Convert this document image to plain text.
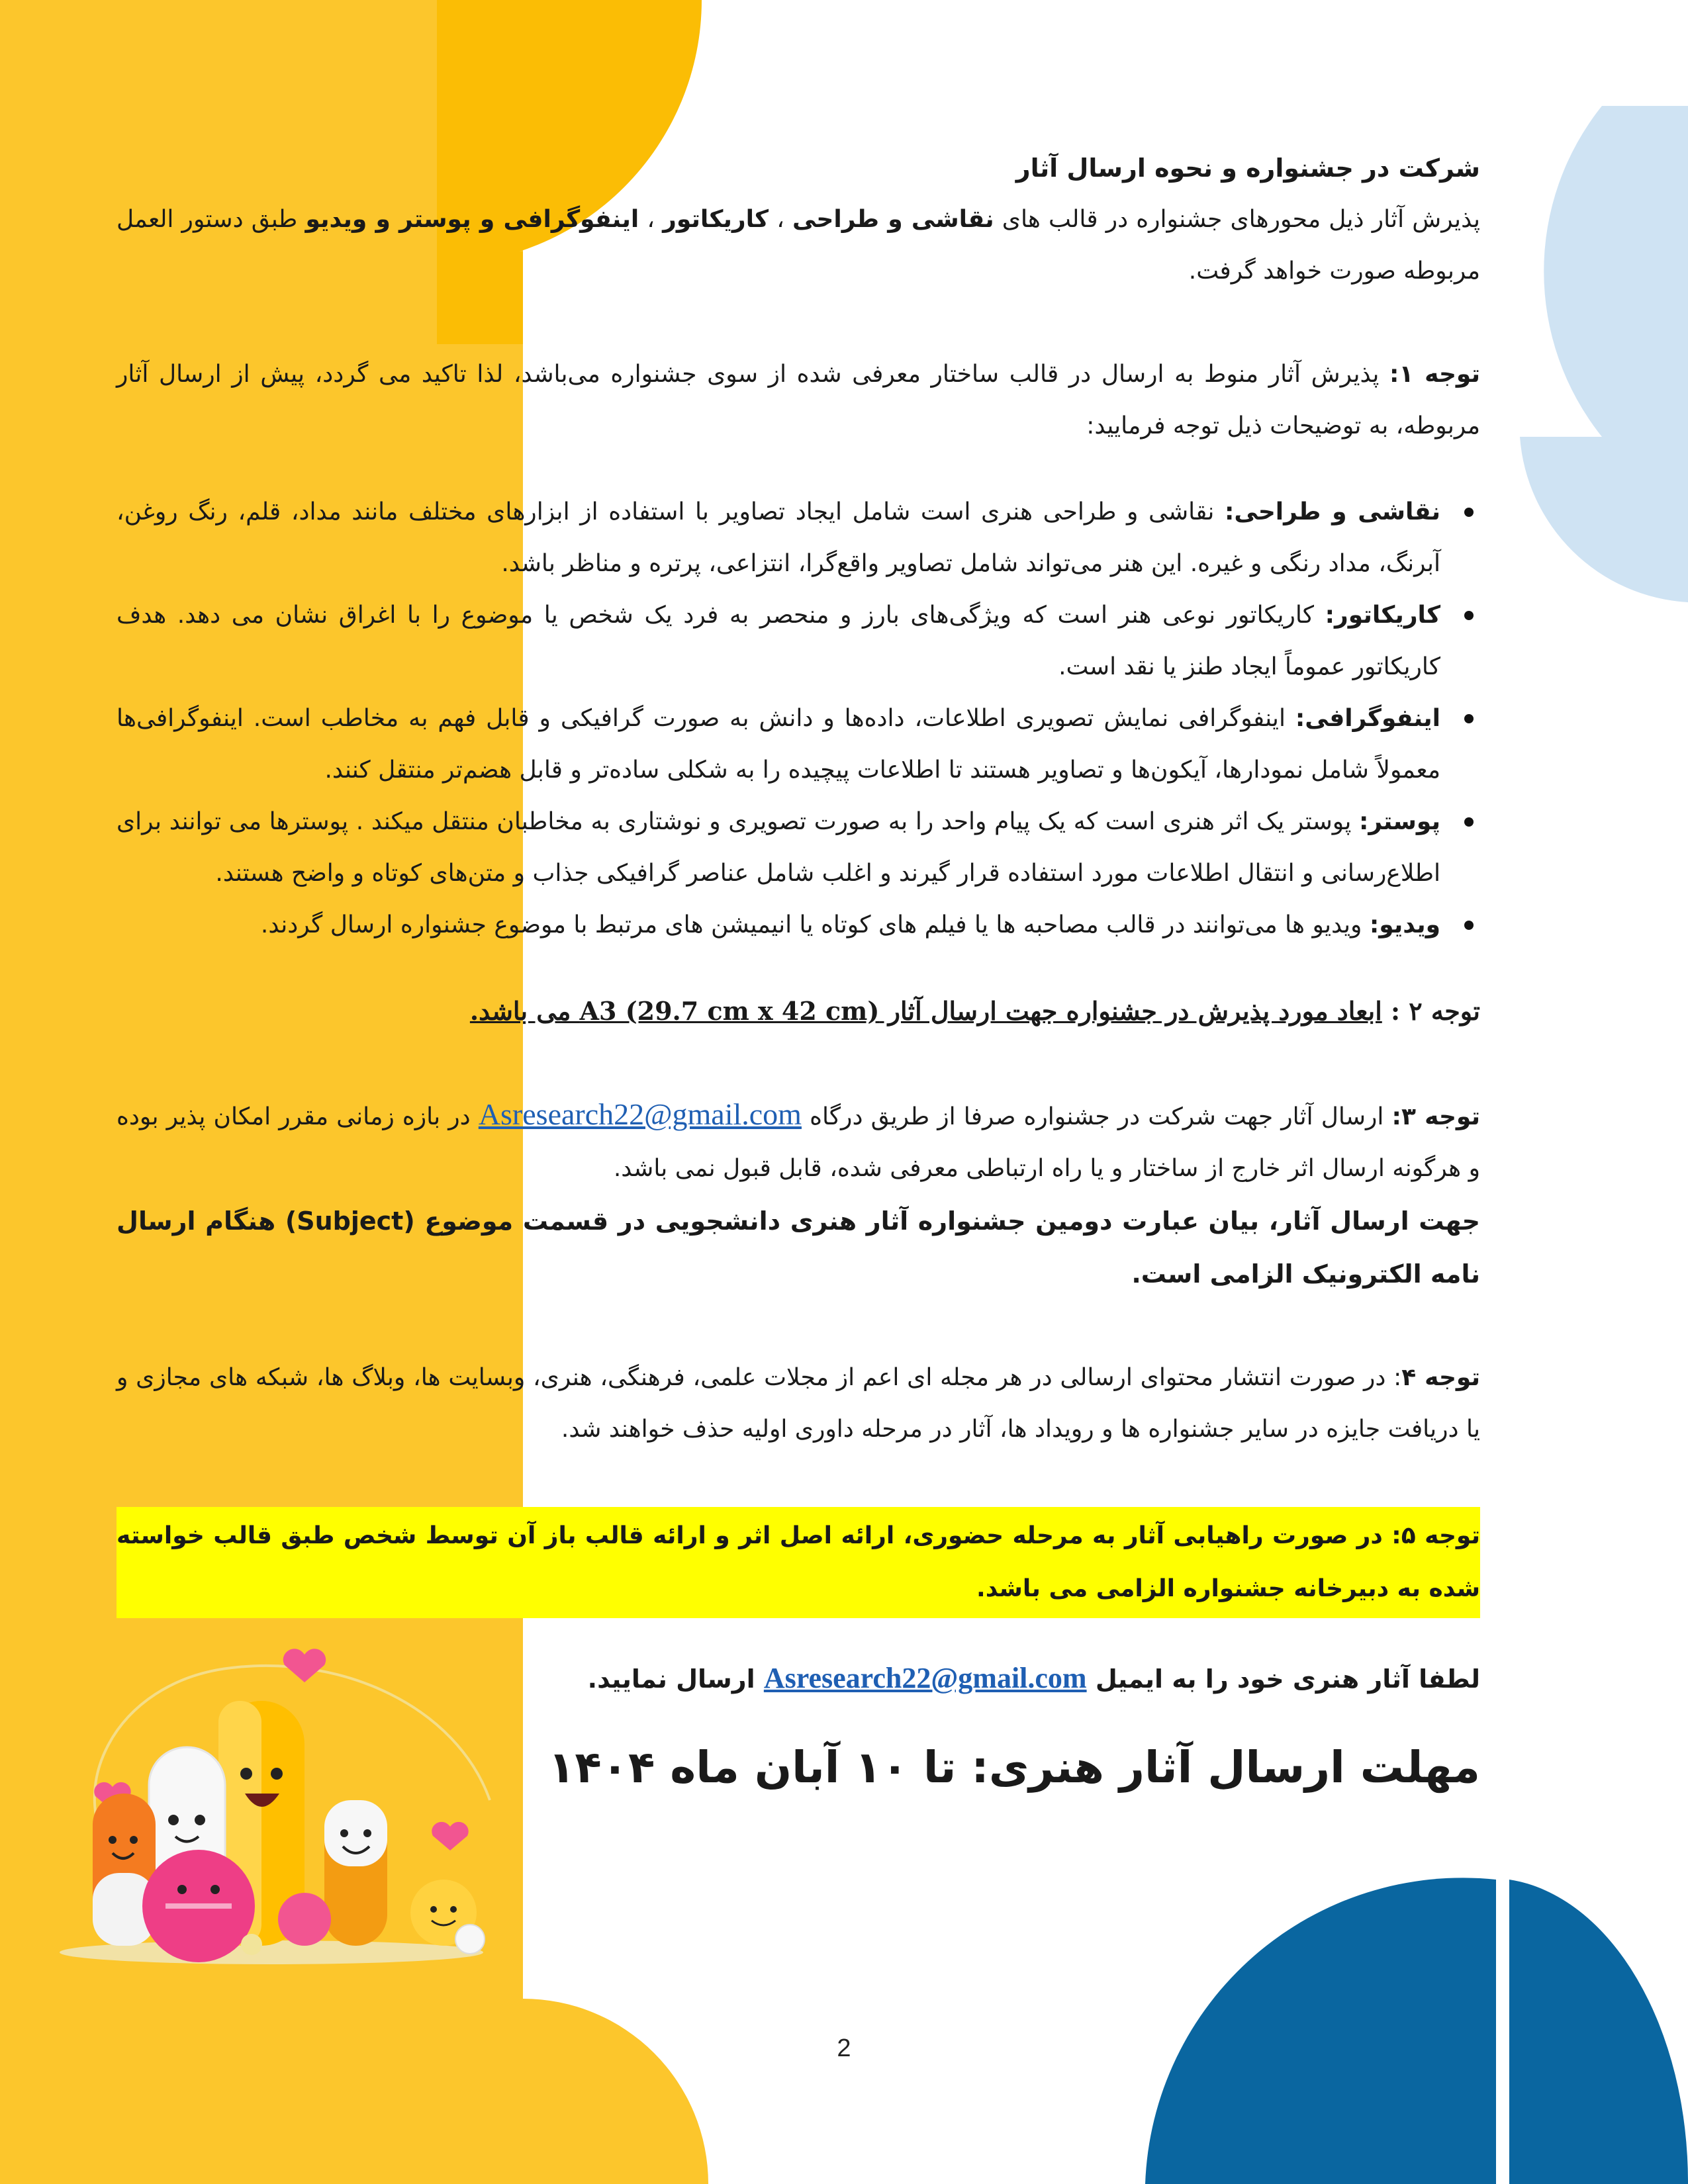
شرکت در جشنواره و نحوه ارسال آثار

پذیرش آثار ذیل محورهای جشنواره در قالب های نقاشی و طراحی ، کاریکاتور ، اینفوگرافی و پوستر و ویدیو طبق دستور العمل مربوطه صورت خواهد گرفت.

توجه ۱: پذیرش آثار منوط به ارسال در قالب ساختار معرفی شده از سوی جشنواره می‌باشد، لذا تاکید می گردد، پیش از ارسال آثار مربوطه، به توضیحات ذیل توجه فرمایید:

نقاشی و طراحی: نقاشی و طراحی هنری است شامل ایجاد تصاویر با استفاده از ابزارهای مختلف مانند مداد، قلم، رنگ روغن، آبرنگ، مداد رنگی و غیره. این هنر می‌تواند شامل تصاویر واقع‌گرا، انتزاعی، پرتره و مناظر باشد.
کاریکاتور: کاریکاتور نوعی هنر است که ویژگی‌های بارز و منحصر به فرد یک شخص یا موضوع را با اغراق نشان می دهد. هدف کاریکاتور عموماً ایجاد طنز یا نقد است.
اینفوگرافی: اینفوگرافی نمایش تصویری اطلاعات، داده‌ها و دانش به صورت گرافیکی و قابل فهم به مخاطب است. اینفوگرافی‌ها معمولاً شامل نمودارها، آیکون‌ها و تصاویر هستند تا اطلاعات پیچیده را به شکلی ساده‌تر و قابل هضم‌تر منتقل کنند.
پوستر: پوستر یک اثر هنری است که یک پیام واحد را به صورت تصویری و نوشتاری به مخاطبان منتقل میکند . پوسترها می توانند برای اطلاع‌رسانی و انتقال اطلاعات مورد استفاده قرار گیرند و اغلب شامل عناصر گرافیکی جذاب و متن‌های کوتاه و واضح هستند.
ویدیو: ویدیو ها می‌توانند در قالب مصاحبه ها یا فیلم های کوتاه یا انیمیشن های مرتبط با موضوع جشنواره ارسال گردند.

توجه ۲ : ابعاد مورد پذیرش در جشنواره جهت ارسال آثار A3 (29.7 cm x 42 cm) می باشد.

توجه ۳: ارسال آثار جهت شرکت در جشنواره صرفا از طریق درگاه Asresearch22@gmail.com در بازه زمانی مقرر امکان پذیر بوده و هرگونه ارسال اثر خارج از ساختار و یا راه ارتباطی معرفی شده، قابل قبول نمی باشد.

جهت ارسال آثار، بیان عبارت دومین جشنواره آثار هنری دانشجویی در قسمت موضوع (Subject) هنگام ارسال نامه الکترونیک الزامی است.

توجه ۴: در صورت انتشار محتوای ارسالی در هر مجله ای اعم از مجلات علمی، فرهنگی، هنری، وبسایت ها، وبلاگ ها، شبکه های مجازی و یا دریافت جایزه در سایر جشنواره ها و رویداد ها، آثار در مرحله داوری اولیه حذف خواهند شد.

توجه ۵: در صورت راهیابی آثار به مرحله حضوری، ارائه اصل اثر و ارائه قالب باز آن توسط شخص طبق قالب خواسته شده به دبیرخانه جشنواره الزامی می باشد.

لطفا آثار هنری خود را به ایمیل Asresearch22@gmail.com ارسال نمایید.

مهلت ارسال آثار هنری: تا ۱۰ آبان ماه ۱۴۰۴

2
